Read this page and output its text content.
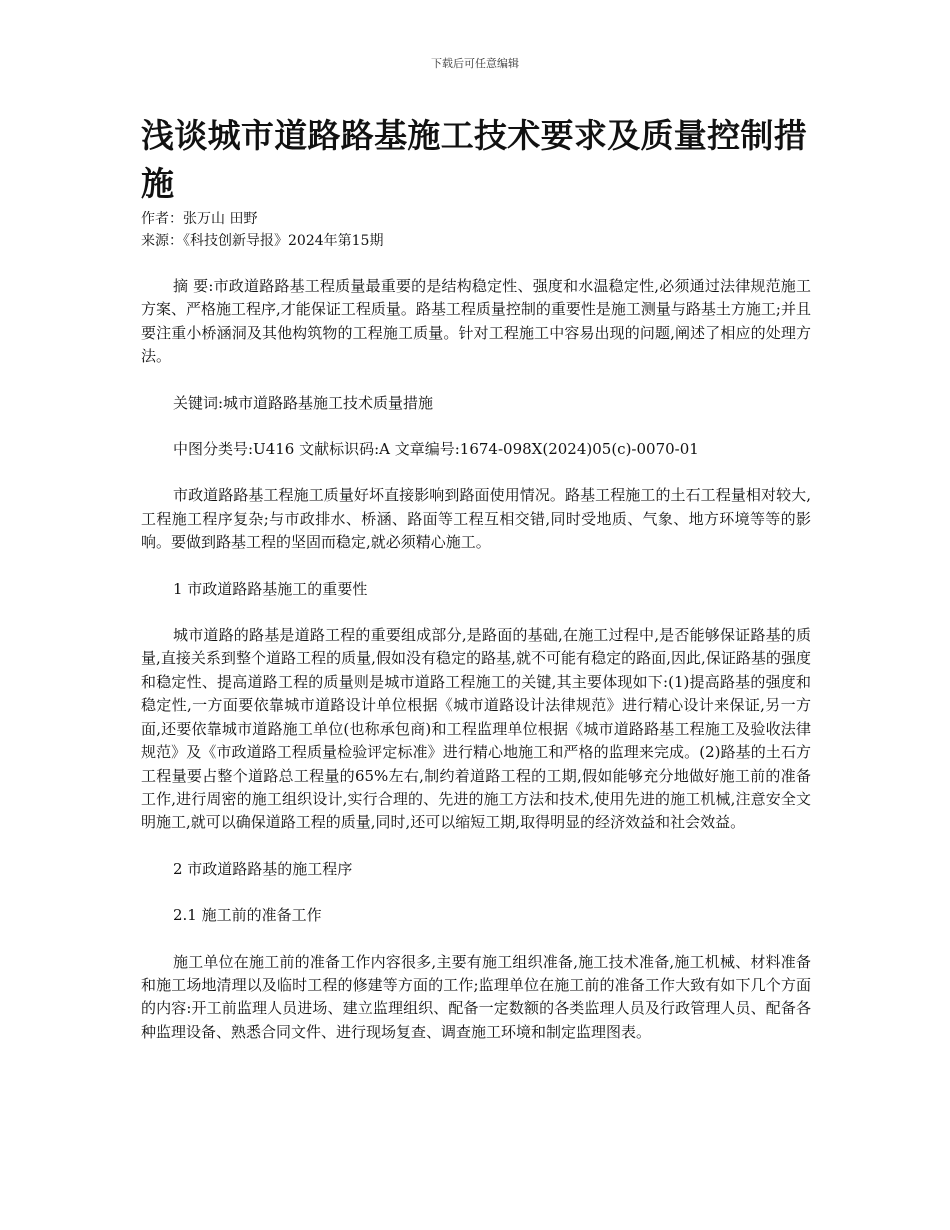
下载后可任意编辑
浅谈城市道路路基施工技术要求及质量控制措施

作者：张万山 田野

来源：《科技创新导报》2024年第15期

摘 要:市政道路路基工程质量最重要的是结构稳定性、强度和水温稳定性,必须通过法律规范施工方案、严格施工程序,才能保证工程质量。路基工程质量控制的重要性是施工测量与路基土方施工;并且要注重小桥涵洞及其他构筑物的工程施工质量。针对工程施工中容易出现的问题,阐述了相应的处理方法。

关键词:城市道路路基施工技术质量措施

中图分类号:U416 文献标识码:A 文章编号:1674-098X(2024)05(c)-0070-01

市政道路路基工程施工质量好坏直接影响到路面使用情况。路基工程施工的土石工程量相对较大,工程施工程序复杂;与市政排水、桥涵、路面等工程互相交错,同时受地质、气象、地方环境等等的影响。要做到路基工程的坚固而稳定,就必须精心施工。

1 市政道路路基施工的重要性

城市道路的路基是道路工程的重要组成部分,是路面的基础,在施工过程中,是否能够保证路基的质量,直接关系到整个道路工程的质量,假如没有稳定的路基,就不可能有稳定的路面,因此,保证路基的强度和稳定性、提高道路工程的质量则是城市道路工程施工的关键,其主要体现如下:(1)提高路基的强度和稳定性,一方面要依靠城市道路设计单位根据《城市道路设计法律规范》进行精心设计来保证,另一方面,还要依靠城市道路施工单位(也称承包商)和工程监理单位根据《城市道路路基工程施工及验收法律规范》及《市政道路工程质量检验评定标准》进行精心地施工和严格的监理来完成。(2)路基的土石方工程量要占整个道路总工程量的65%左右,制约着道路工程的工期,假如能够充分地做好施工前的准备工作,进行周密的施工组织设计,实行合理的、先进的施工方法和技术,使用先进的施工机械,注意安全文明施工,就可以确保道路工程的质量,同时,还可以缩短工期,取得明显的经济效益和社会效益。

2 市政道路路基的施工程序

2.1 施工前的准备工作

施工单位在施工前的准备工作内容很多,主要有施工组织准备,施工技术准备,施工机械、材料准备和施工场地清理以及临时工程的修建等方面的工作;监理单位在施工前的准备工作大致有如下几个方面的内容:开工前监理人员进场、建立监理组织、配备一定数额的各类监理人员及行政管理人员、配备各种监理设备、熟悉合同文件、进行现场复查、调查施工环境和制定监理图表。
